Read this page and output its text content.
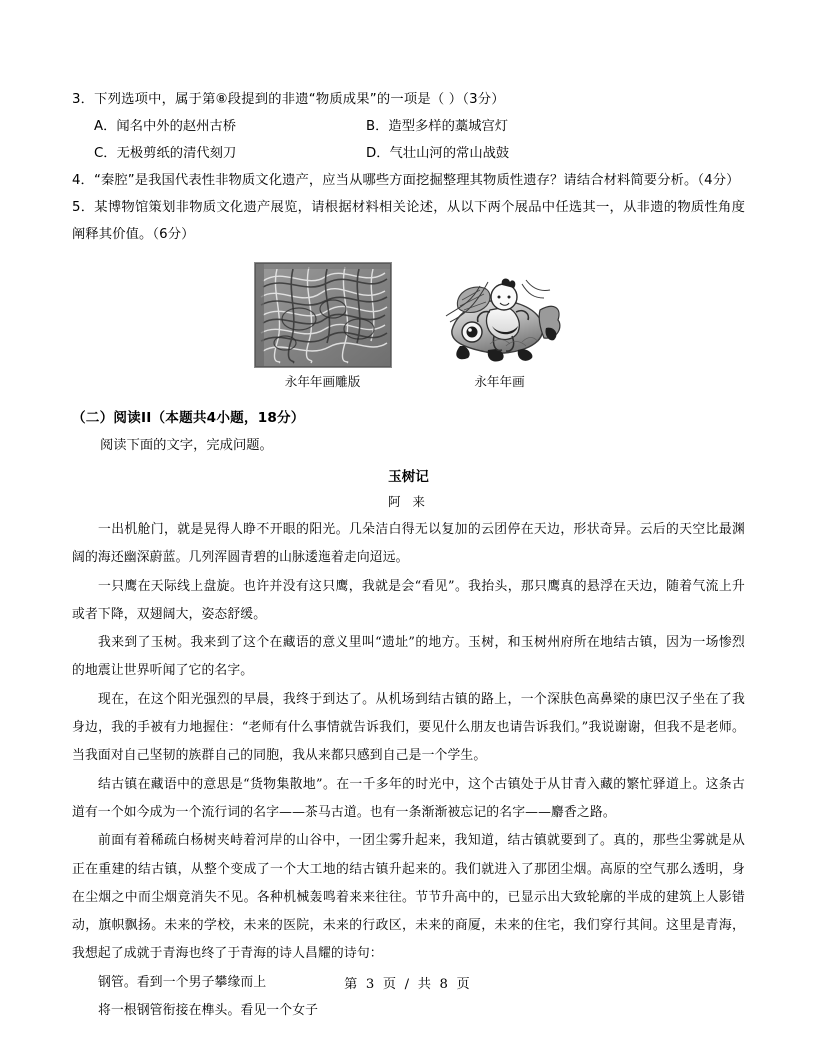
3．下列选项中，属于第⑧段提到的非遗“物质成果”的一项是（ ）（3分）
A．闻名中外的赵州古桥	B．造型多样的藁城宫灯
C．无极剪纸的清代刻刀	D．气壮山河的常山战鼓
4．“秦腔”是我国代表性非物质文化遗产，应当从哪些方面挖掘整理其物质性遗存？请结合材料简要分析。（4分）
5．某博物馆策划非物质文化遗产展览，请根据材料相关论述，从以下两个展品中任选其一，从非遗的物质性角度阐释其价值。（6分）
永年年画雕版	永年年画
（二）阅读II（本题共4小题，18分）
阅读下面的文字，完成问题。
玉树记
阿 来

一出机舱门，就是晃得人睁不开眼的阳光。几朵洁白得无以复加的云团停在天边，形状奇异。云后的天空比最渊阔的海还幽深蔚蓝。几列浑圆青碧的山脉逶迤着走向迢远。

一只鹰在天际线上盘旋。也许并没有这只鹰，我就是会“看见”。我抬头，那只鹰真的悬浮在天边，随着气流上升或者下降，双翅阔大，姿态舒缓。

我来到了玉树。我来到了这个在藏语的意义里叫“遗址”的地方。玉树，和玉树州府所在地结古镇，因为一场惨烈的地震让世界听闻了它的名字。

现在，在这个阳光强烈的早晨，我终于到达了。从机场到结古镇的路上，一个深肤色高鼻梁的康巴汉子坐在了我身边，我的手被有力地握住：“老师有什么事情就告诉我们，要见什么朋友也请告诉我们。”我说谢谢，但我不是老师。当我面对自己坚韧的族群自己的同胞，我从来都只感到自己是一个学生。

结古镇在藏语中的意思是“货物集散地”。在一千多年的时光中，这个古镇处于从甘青入藏的繁忙驿道上。这条古道有一个如今成为一个流行词的名字——茶马古道。也有一条渐渐被忘记的名字——麝香之路。

前面有着稀疏白杨树夹峙着河岸的山谷中，一团尘雾升起来，我知道，结古镇就要到了。真的，那些尘雾就是从正在重建的结古镇，从整个变成了一个大工地的结古镇升起来的。我们就进入了那团尘烟。高原的空气那么透明，身在尘烟之中而尘烟竟消失不见。各种机械轰鸣着来来往往。节节升高中的，已显示出大致轮廓的半成的建筑上人影错动，旗帜飘扬。未来的学校，未来的医院，未来的行政区，未来的商厦，未来的住宅，我们穿行其间。这里是青海，我想起了成就于青海也终了于青海的诗人昌耀的诗句：

钢管。看到一个男子攀缘而上
将一根钢管衔接在榫头。看见一个女子
第 3 页 / 共 8 页
